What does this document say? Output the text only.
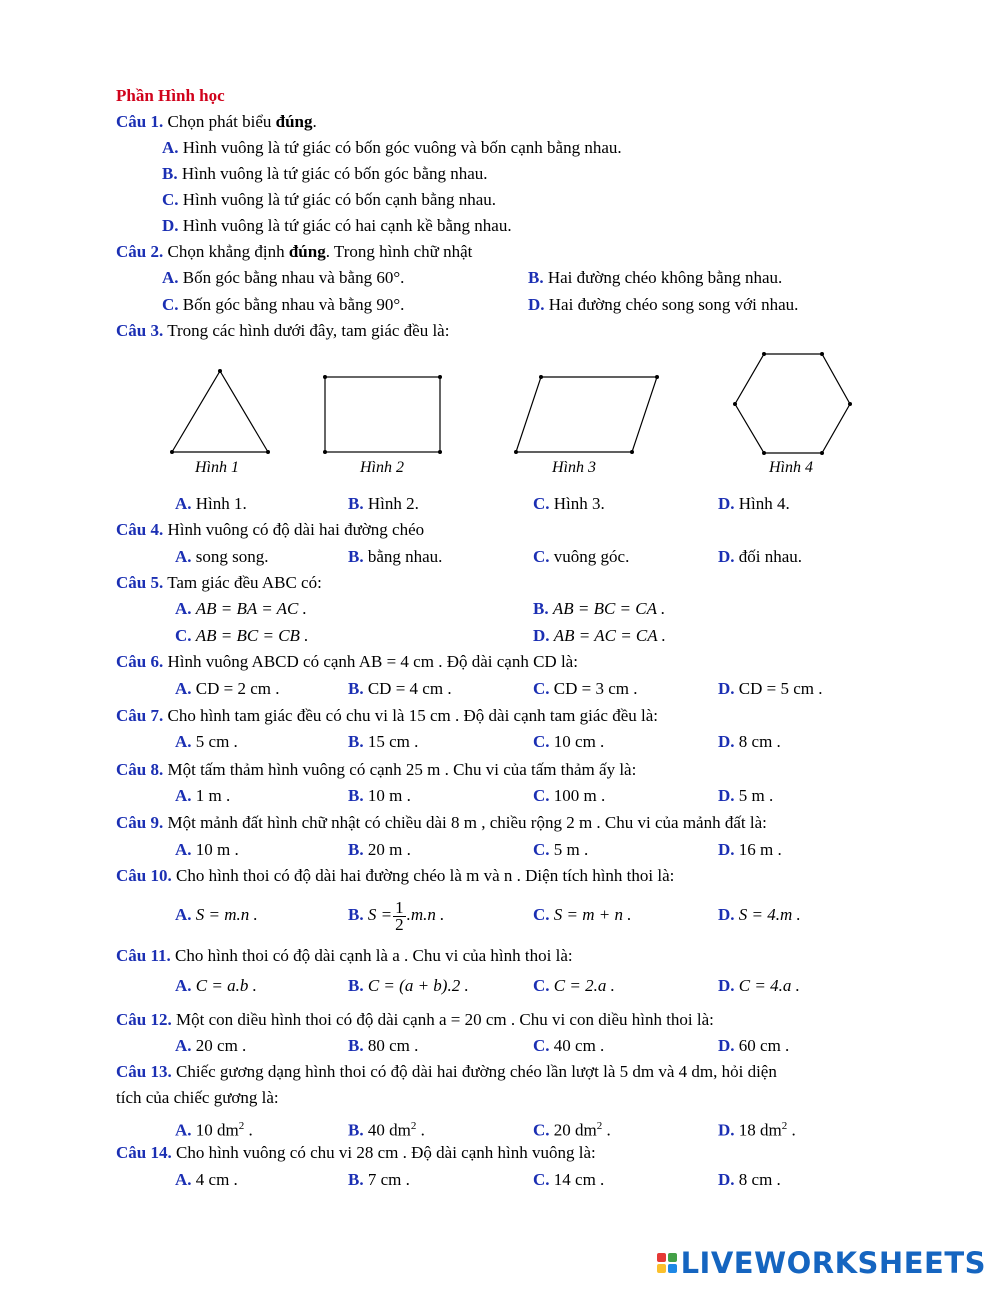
Phần Hình học
Câu 1. Chọn phát biểu đúng.
A. Hình vuông là tứ giác có bốn góc vuông và bốn cạnh bằng nhau.
B. Hình vuông là tứ giác có bốn góc bằng nhau.
C. Hình vuông là tứ giác có bốn cạnh bằng nhau.
D. Hình vuông là tứ giác có hai cạnh kề bằng nhau.
Câu 2. Chọn khẳng định đúng. Trong hình chữ nhật
A. Bốn góc bằng nhau và bằng 60°.	B. Hai đường chéo không bằng nhau.
C. Bốn góc bằng nhau và bằng 90°.	D. Hai đường chéo song song với nhau.
Câu 3. Trong các hình dưới đây, tam giác đều là:
Hình 1	Hình 2	Hình 3	Hình 4
A. Hình 1.	B. Hình 2.	C. Hình 3.	D. Hình 4.
Câu 4. Hình vuông có độ dài hai đường chéo
A. song song.	B. bằng nhau.	C. vuông góc.	D. đối nhau.
Câu 5. Tam giác đều ABC có:
A. AB = BA = AC .	B. AB = BC = CA .
C. AB = BC = CB .	D. AB = AC = CA .
Câu 6. Hình vuông ABCD có cạnh AB = 4 cm . Độ dài cạnh CD là:
A. CD = 2 cm .	B. CD = 4 cm .	C. CD = 3 cm .	D. CD = 5 cm .
Câu 7. Cho hình tam giác đều có chu vi là 15 cm . Độ dài cạnh tam giác đều là:
A. 5 cm .	B. 15 cm .	C. 10 cm .	D. 8 cm .
Câu 8. Một tấm thảm hình vuông có cạnh 25 m . Chu vi của tấm thảm ấy là:
A. 1 m .	B. 10 m .	C. 100 m .	D. 5 m .
Câu 9. Một mảnh đất hình chữ nhật có chiều dài 8 m , chiều rộng 2 m . Chu vi của mảnh đất là:
A. 10 m .	B. 20 m .	C. 5 m .	D. 16 m .
Câu 10. Cho hình thoi có độ dài hai đường chéo là m và n . Diện tích hình thoi là:
A. S = m.n .	B. $S = \frac{1}{2} .m.n$ .	C. S = m + n .	D. S = 4.m .
Câu 11. Cho hình thoi có độ dài cạnh là a . Chu vi của hình thoi là:
A. C = a.b .	B. C = (a + b).2 .	C. C = 2.a .	D. C = 4.a .
Câu 12. Một con diều hình thoi có độ dài cạnh a = 20 cm . Chu vi con diều hình thoi là:
A. 20 cm .	B. 80 cm .	C. 40 cm .	D. 60 cm .
Câu 13. Chiếc gương dạng hình thoi có độ dài hai đường chéo lần lượt là 5 dm và 4 dm, hỏi diện
tích của chiếc gương là:
A. 10 $dm^2$ .	B. 40 $dm^2$ .	C. 20 $dm^2$ .	D. 18 $dm^2$ .
Câu 14. Cho hình vuông có chu vi 28 cm . Độ dài cạnh hình vuông là:
A. 4 cm .	B. 7 cm .	C. 14 cm .	D. 8 cm .
LIVEWORKSHEETS
